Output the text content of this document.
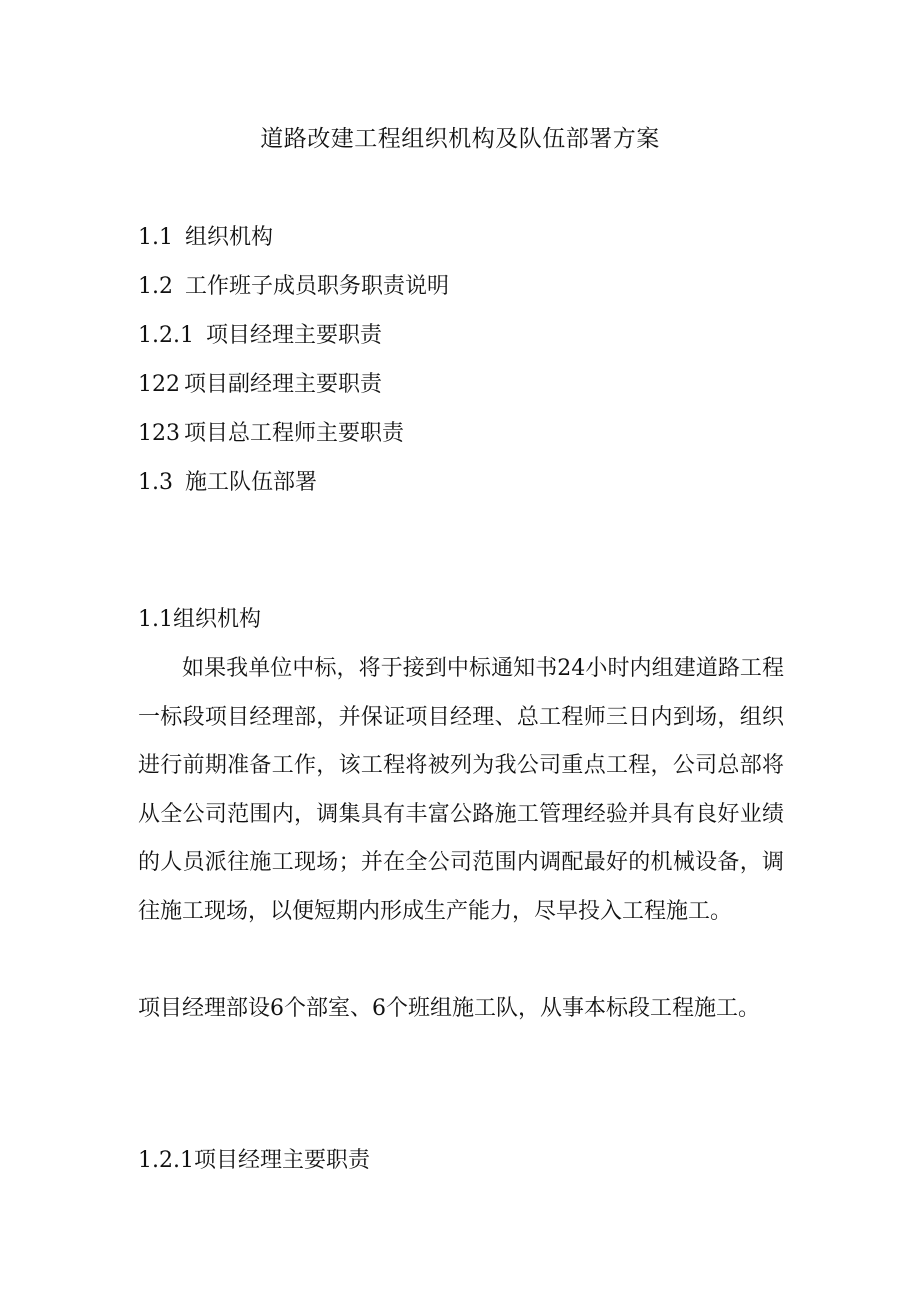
道路改建工程组织机构及队伍部署方案
1.1 组织机构
1.2 工作班子成员职务职责说明
1.2.1 项目经理主要职责
122 项目副经理主要职责
123 项目总工程师主要职责
1.3 施工队伍部署
1.1组织机构

如果我单位中标，将于接到中标通知书24小时内组建道路工程一标段项目经理部，并保证项目经理、总工程师三日内到场，组织进行前期准备工作，该工程将被列为我公司重点工程，公司总部将从全公司范围内，调集具有丰富公路施工管理经验并具有良好业绩的人员派往施工现场；并在全公司范围内调配最好的机械设备，调往施工现场，以便短期内形成生产能力，尽早投入工程施工。

项目经理部设6个部室、6个班组施工队，从事本标段工程施工。

1.2.1项目经理主要职责
